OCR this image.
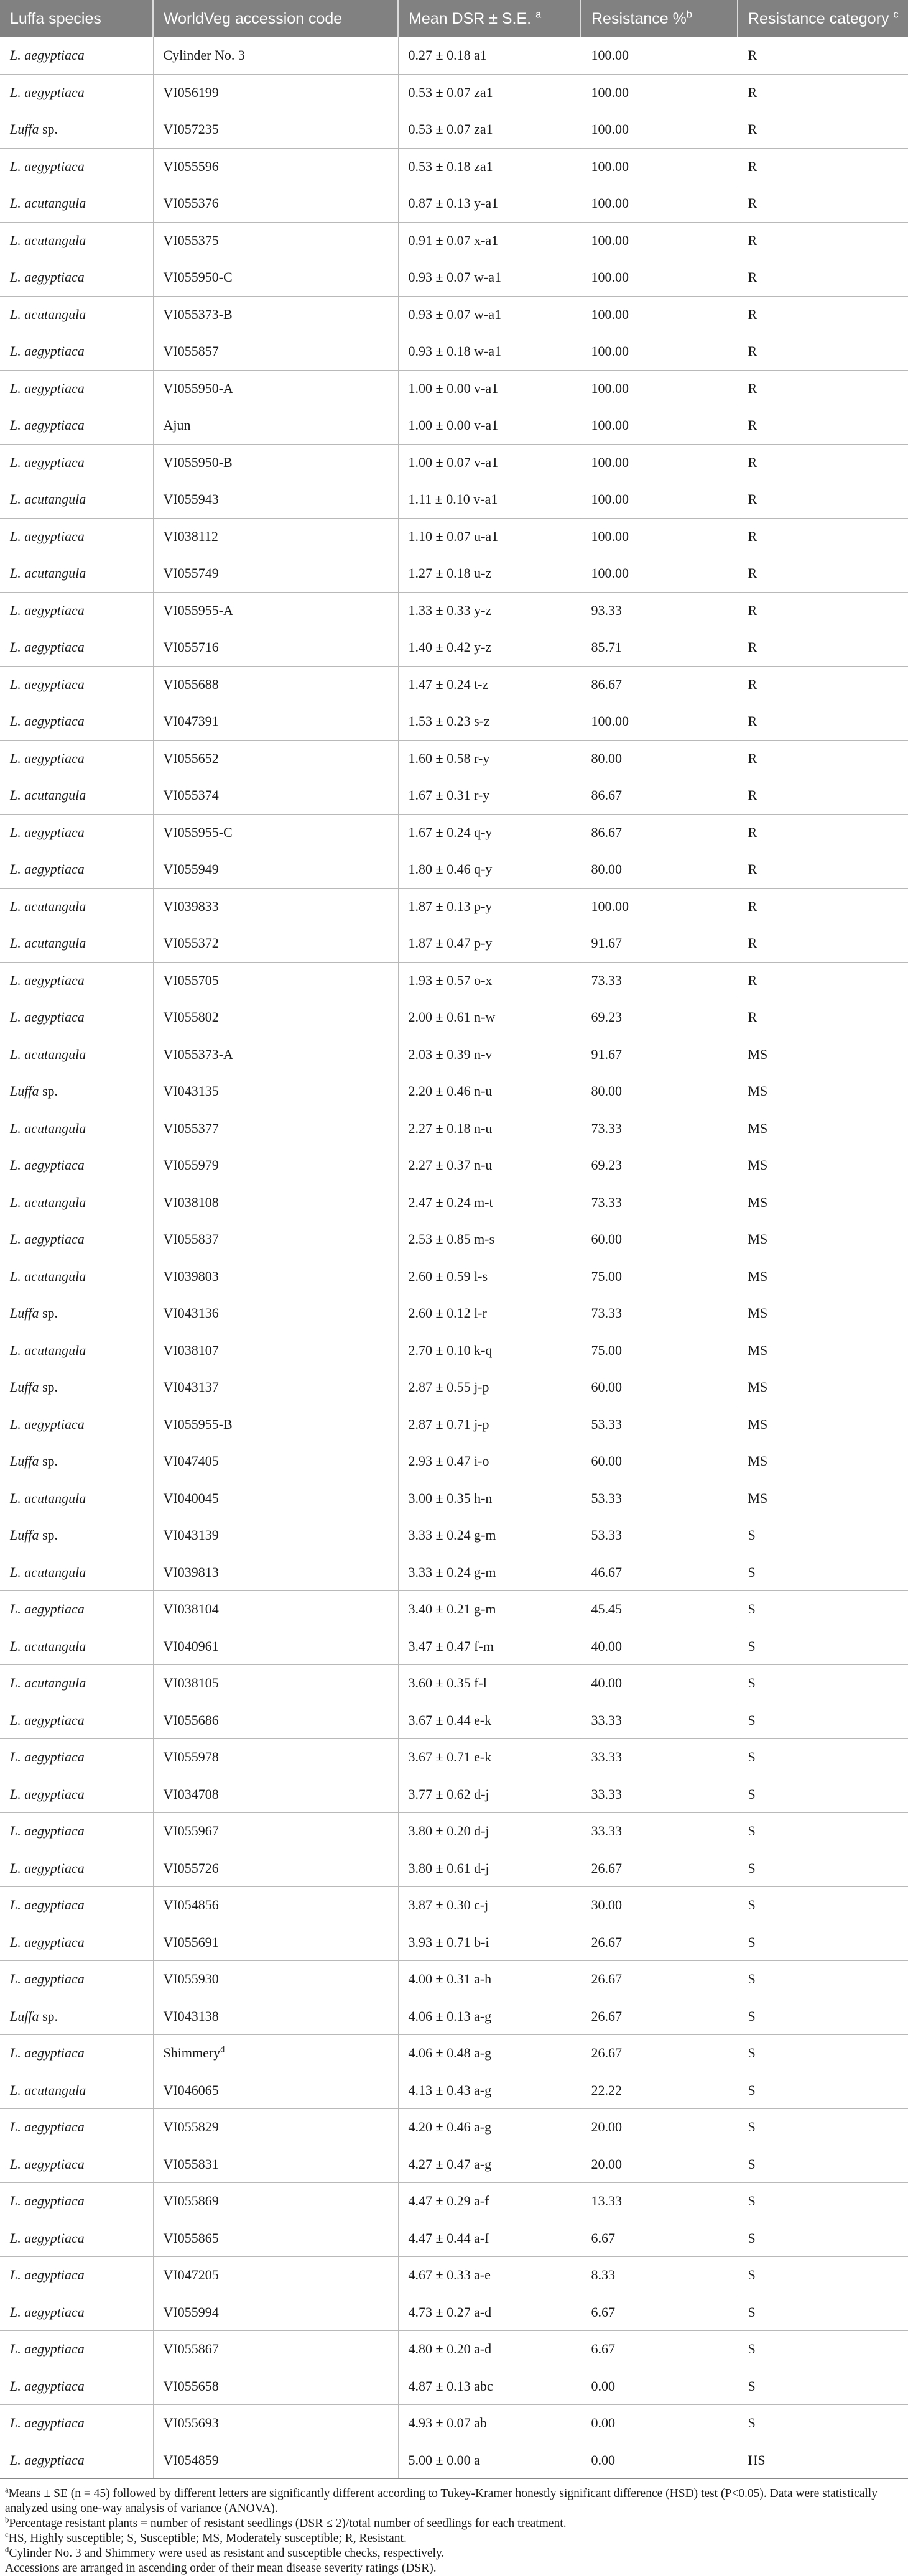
Luffa species	WorldVeg accession code	Mean DSR ± S.E. $^a$	Resistance %$^b$	Resistance category $^c$
L. aegyptiaca	Cylinder No. 3	0.27 ± 0.18 a1	100.00	R
L. aegyptiaca	VI056199	0.53 ± 0.07 za1	100.00	R
Luffa sp.	VI057235	0.53 ± 0.07 za1	100.00	R
L. aegyptiaca	VI055596	0.53 ± 0.18 za1	100.00	R
L. acutangula	VI055376	0.87 ± 0.13 y-a1	100.00	R
L. acutangula	VI055375	0.91 ± 0.07 x-a1	100.00	R
L. aegyptiaca	VI055950-C	0.93 ± 0.07 w-a1	100.00	R
L. acutangula	VI055373-B	0.93 ± 0.07 w-a1	100.00	R
L. aegyptiaca	VI055857	0.93 ± 0.18 w-a1	100.00	R
L. aegyptiaca	VI055950-A	1.00 ± 0.00 v-a1	100.00	R
L. aegyptiaca	Ajun	1.00 ± 0.00 v-a1	100.00	R
L. aegyptiaca	VI055950-B	1.00 ± 0.07 v-a1	100.00	R
L. acutangula	VI055943	1.11 ± 0.10 v-a1	100.00	R
L. aegyptiaca	VI038112	1.10 ± 0.07 u-a1	100.00	R
L. acutangula	VI055749	1.27 ± 0.18 u-z	100.00	R
L. aegyptiaca	VI055955-A	1.33 ± 0.33 y-z	93.33	R
L. aegyptiaca	VI055716	1.40 ± 0.42 y-z	85.71	R
L. aegyptiaca	VI055688	1.47 ± 0.24 t-z	86.67	R
L. aegyptiaca	VI047391	1.53 ± 0.23 s-z	100.00	R
L. aegyptiaca	VI055652	1.60 ± 0.58 r-y	80.00	R
L. acutangula	VI055374	1.67 ± 0.31 r-y	86.67	R
L. aegyptiaca	VI055955-C	1.67 ± 0.24 q-y	86.67	R
L. aegyptiaca	VI055949	1.80 ± 0.46 q-y	80.00	R
L. acutangula	VI039833	1.87 ± 0.13 p-y	100.00	R
L. acutangula	VI055372	1.87 ± 0.47 p-y	91.67	R
L. aegyptiaca	VI055705	1.93 ± 0.57 o-x	73.33	R
L. aegyptiaca	VI055802	2.00 ± 0.61 n-w	69.23	R
L. acutangula	VI055373-A	2.03 ± 0.39 n-v	91.67	MS
Luffa sp.	VI043135	2.20 ± 0.46 n-u	80.00	MS
L. acutangula	VI055377	2.27 ± 0.18 n-u	73.33	MS
L. aegyptiaca	VI055979	2.27 ± 0.37 n-u	69.23	MS
L. acutangula	VI038108	2.47 ± 0.24 m-t	73.33	MS
L. aegyptiaca	VI055837	2.53 ± 0.85 m-s	60.00	MS
L. acutangula	VI039803	2.60 ± 0.59 l-s	75.00	MS
Luffa sp.	VI043136	2.60 ± 0.12 l-r	73.33	MS
L. acutangula	VI038107	2.70 ± 0.10 k-q	75.00	MS
Luffa sp.	VI043137	2.87 ± 0.55 j-p	60.00	MS
L. aegyptiaca	VI055955-B	2.87 ± 0.71 j-p	53.33	MS
Luffa sp.	VI047405	2.93 ± 0.47 i-o	60.00	MS
L. acutangula	VI040045	3.00 ± 0.35 h-n	53.33	MS
Luffa sp.	VI043139	3.33 ± 0.24 g-m	53.33	S
L. acutangula	VI039813	3.33 ± 0.24 g-m	46.67	S
L. aegyptiaca	VI038104	3.40 ± 0.21 g-m	45.45	S
L. acutangula	VI040961	3.47 ± 0.47 f-m	40.00	S
L. acutangula	VI038105	3.60 ± 0.35 f-l	40.00	S
L. aegyptiaca	VI055686	3.67 ± 0.44 e-k	33.33	S
L. aegyptiaca	VI055978	3.67 ± 0.71 e-k	33.33	S
L. aegyptiaca	VI034708	3.77 ± 0.62 d-j	33.33	S
L. aegyptiaca	VI055967	3.80 ± 0.20 d-j	33.33	S
L. aegyptiaca	VI055726	3.80 ± 0.61 d-j	26.67	S
L. aegyptiaca	VI054856	3.87 ± 0.30 c-j	30.00	S
L. aegyptiaca	VI055691	3.93 ± 0.71 b-i	26.67	S
L. aegyptiaca	VI055930	4.00 ± 0.31 a-h	26.67	S
Luffa sp.	VI043138	4.06 ± 0.13 a-g	26.67	S
L. aegyptiaca	Shimmery$^d$	4.06 ± 0.48 a-g	26.67	S
L. acutangula	VI046065	4.13 ± 0.43 a-g	22.22	S
L. aegyptiaca	VI055829	4.20 ± 0.46 a-g	20.00	S
L. aegyptiaca	VI055831	4.27 ± 0.47 a-g	20.00	S
L. aegyptiaca	VI055869	4.47 ± 0.29 a-f	13.33	S
L. aegyptiaca	VI055865	4.47 ± 0.44 a-f	6.67	S
L. aegyptiaca	VI047205	4.67 ± 0.33 a-e	8.33	S
L. aegyptiaca	VI055994	4.73 ± 0.27 a-d	6.67	S
L. aegyptiaca	VI055867	4.80 ± 0.20 a-d	6.67	S
L. aegyptiaca	VI055658	4.87 ± 0.13 abc	0.00	S
L. aegyptiaca	VI055693	4.93 ± 0.07 ab	0.00	S
L. aegyptiaca	VI054859	5.00 ± 0.00 a	0.00	HS

$^a$Means ± SE (n = 45) followed by different letters are significantly different according to Tukey-Kramer honestly significant difference (HSD) test (P<0.05). Data were statistically analyzed using one-way analysis of variance (ANOVA).

$^b$Percentage resistant plants = number of resistant seedlings (DSR ≤ 2)/total number of seedlings for each treatment.

$^c$HS, Highly susceptible; S, Susceptible; MS, Moderately susceptible; R, Resistant.

$^d$Cylinder No. 3 and Shimmery were used as resistant and susceptible checks, respectively.

Accessions are arranged in ascending order of their mean disease severity ratings (DSR).
